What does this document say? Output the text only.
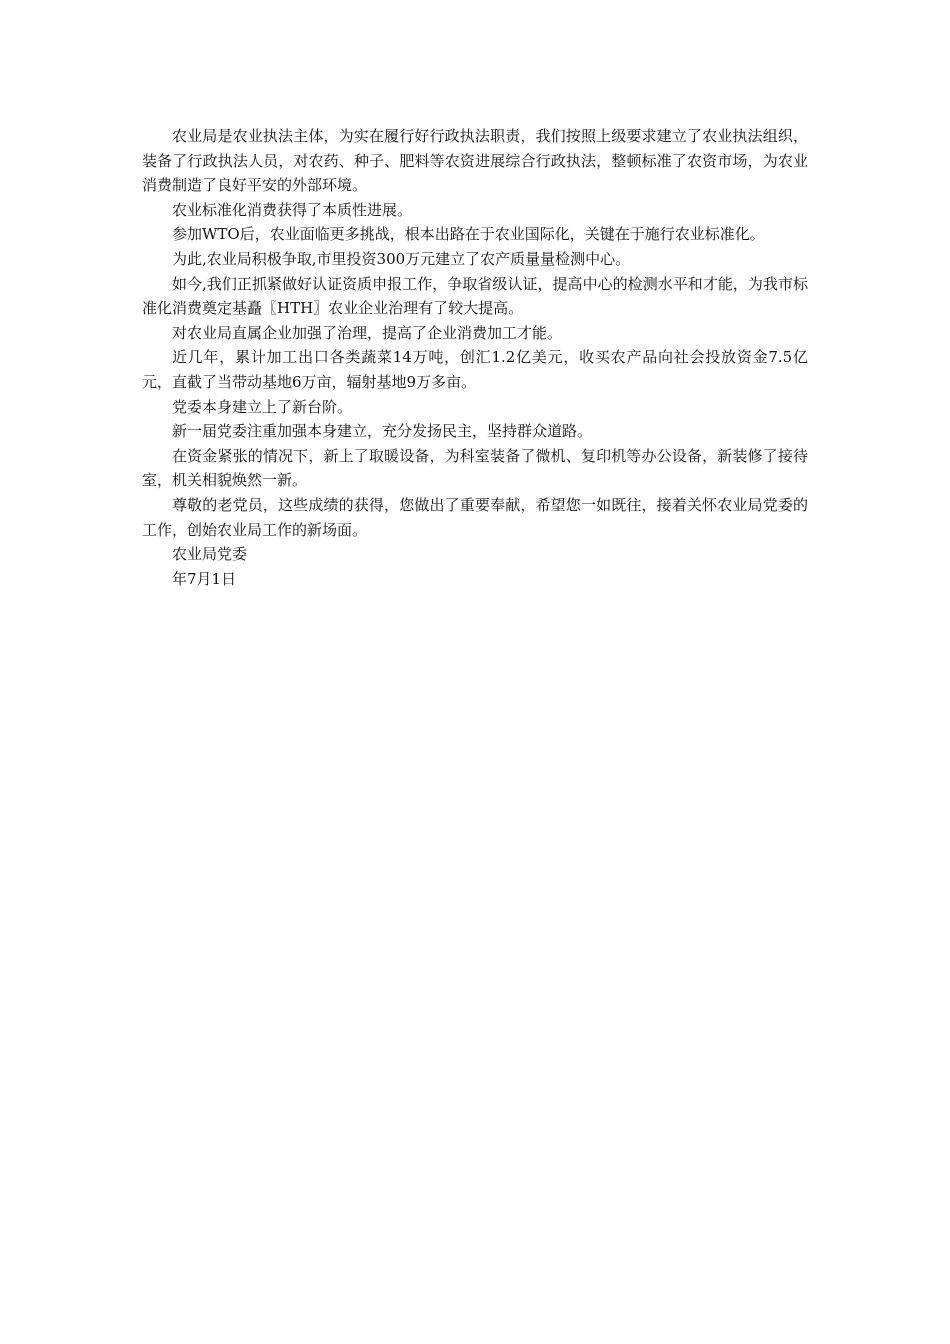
农业局是农业执法主体，为实在履行好行政执法职责，我们按照上级要求建立了农业执法组织，装备了行政执法人员，对农药、种子、肥料等农资进展综合行政执法，整顿标准了农资市场，为农业消费制造了良好平安的外部环境。

农业标准化消费获得了本质性进展。

参加WTO后，农业面临更多挑战，根本出路在于农业国际化，关键在于施行农业标准化。

为此,农业局积极争取,市里投资300万元建立了农产质量量检测中心。

如今,我们正抓紧做好认证资质申报工作，争取省级认证，提高中心的检测水平和才能，为我市标准化消费奠定基矗〖HTH〗农业企业治理有了较大提高。

对农业局直属企业加强了治理，提高了企业消费加工才能。

近几年，累计加工出口各类蔬菜14万吨，创汇1.2亿美元，收买农产品向社会投放资金7.5亿元，直截了当带动基地6万亩，辐射基地9万多亩。

党委本身建立上了新台阶。

新一届党委注重加强本身建立，充分发扬民主，坚持群众道路。

在资金紧张的情况下，新上了取暖设备，为科室装备了微机、复印机等办公设备，新装修了接待室，机关相貌焕然一新。

尊敬的老党员，这些成绩的获得，您做出了重要奉献，希望您一如既往，接着关怀农业局党委的工作，创始农业局工作的新场面。

农业局党委

年7月1日
